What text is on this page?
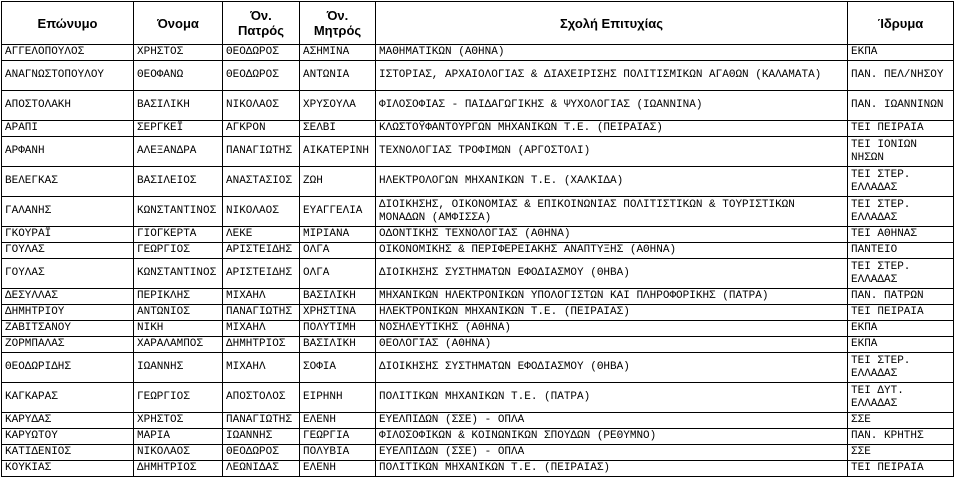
Επώνυμο	Όνομα	Όν. Πατρός	Όν. Μητρός	Σχολή Επιτυχίας	Ίδρυμα
ΑΓΓΕΛΟΠΟΥΛΟΣ	ΧΡΗΣΤΟΣ	ΘΕΟΔΩΡΟΣ	ΑΣΗΜΙΝΑ	ΜΑΘΗΜΑΤΙΚΩΝ (ΑΘΗΝΑ)	ΕΚΠΑ
ΑΝΑΓΝΩΣΤΟΠΟΥΛΟΥ	ΘΕΟΦΑΝΩ	ΘΕΟΔΩΡΟΣ	ΑΝΤΩΝΙΑ	ΙΣΤΟΡΙΑΣ, ΑΡΧΑΙΟΛΟΓΙΑΣ & ΔΙΑΧΕΙΡΙΣΗΣ ΠΟΛΙΤΙΣΜΙΚΩΝ ΑΓΑΘΩΝ (ΚΑΛΑΜΑΤΑ)	ΠΑΝ. ΠΕΛ/ΝΗΣΟΥ
ΑΠΟΣΤΟΛΑΚΗ	ΒΑΣΙΛΙΚΗ	ΝΙΚΟΛΑΟΣ	ΧΡΥΣΟΥΛΑ	ΦΙΛΟΣΟΦΙΑΣ - ΠΑΙΔΑΓΩΓΙΚΗΣ & ΨΥΧΟΛΟΓΙΑΣ (ΙΩΑΝΝΙΝΑ)	ΠΑΝ. ΙΩΑΝΝΙΝΩΝ
ΑΡΑΠΙ	ΣΕΡΓΚΕΪ	ΑΓΚΡΟΝ	ΣΕΛΒΙ	ΚΛΩΣΤΟΫΦΑΝΤΟΥΡΓΩΝ ΜΗΧΑΝΙΚΩΝ Τ.Ε. (ΠΕΙΡΑΙΑΣ)	ΤΕΙ ΠΕΙΡΑΙΑ
ΑΡΦΑΝΗ	ΑΛΕΞΑΝΔΡΑ	ΠΑΝΑΓΙΩΤΗΣ	ΑΙΚΑΤΕΡΙΝΗ	ΤΕΧΝΟΛΟΓΙΑΣ ΤΡΟΦΙΜΩΝ (ΑΡΓΟΣΤΟΛΙ)	ΤΕΙ ΙΟΝΙΩΝ ΝΗΣΩΝ
ΒΕΛΕΓΚΑΣ	ΒΑΣΙΛΕΙΟΣ	ΑΝΑΣΤΑΣΙΟΣ	ΖΩΗ	ΗΛΕΚΤΡΟΛΟΓΩΝ ΜΗΧΑΝΙΚΩΝ Τ.Ε. (ΧΑΛΚΙΔΑ)	ΤΕΙ ΣΤΕΡ. ΕΛΛΑΔΑΣ
ΓΑΛΑΝΗΣ	ΚΩΝΣΤΑΝΤΙΝΟΣ	ΝΙΚΟΛΑΟΣ	ΕΥΑΓΓΕΛΙΑ	ΔΙΟΙΚΗΣΗΣ, ΟΙΚΟΝΟΜΙΑΣ & ΕΠΙΚΟΙΝΩΝΙΑΣ ΠΟΛΙΤΙΣΤΙΚΩΝ & ΤΟΥΡΙΣΤΙΚΩΝ ΜΟΝΑΔΩΝ (ΑΜΦΙΣΣΑ)	ΤΕΙ ΣΤΕΡ. ΕΛΛΑΔΑΣ
ΓΚΟΥΡΑΪ	ΓΙΟΓΚΕΡΤΑ	ΛΕΚΕ	ΜΙΡΙΑΝΑ	ΟΔΟΝΤΙΚΗΣ ΤΕΧΝΟΛΟΓΙΑΣ (ΑΘΗΝΑ)	ΤΕΙ ΑΘΗΝΑΣ
ΓΟΥΛΑΣ	ΓΕΩΡΓΙΟΣ	ΑΡΙΣΤΕΙΔΗΣ	ΟΛΓΑ	ΟΙΚΟΝΟΜΙΚΗΣ & ΠΕΡΙΦΕΡΕΙΑΚΗΣ ΑΝΑΠΤΥΞΗΣ (ΑΘΗΝΑ)	ΠΑΝΤΕΙΟ
ΓΟΥΛΑΣ	ΚΩΝΣΤΑΝΤΙΝΟΣ	ΑΡΙΣΤΕΙΔΗΣ	ΟΛΓΑ	ΔΙΟΙΚΗΣΗΣ ΣΥΣΤΗΜΑΤΩΝ ΕΦΟΔΙΑΣΜΟΥ (ΘΗΒΑ)	ΤΕΙ ΣΤΕΡ. ΕΛΛΑΔΑΣ
ΔΕΣΥΛΛΑΣ	ΠΕΡΙΚΛΗΣ	ΜΙΧΑΗΛ	ΒΑΣΙΛΙΚΗ	ΜΗΧΑΝΙΚΩΝ ΗΛΕΚΤΡΟΝΙΚΩΝ ΥΠΟΛΟΓΙΣΤΩΝ ΚΑΙ ΠΛΗΡΟΦΟΡΙΚΗΣ (ΠΑΤΡΑ)	ΠΑΝ. ΠΑΤΡΩΝ
ΔΗΜΗΤΡΙΟΥ	ΑΝΤΩΝΙΟΣ	ΠΑΝΑΓΙΩΤΗΣ	ΧΡΗΣΤΙΝΑ	ΗΛΕΚΤΡΟΝΙΚΩΝ ΜΗΧΑΝΙΚΩΝ Τ.Ε. (ΠΕΙΡΑΙΑΣ)	ΤΕΙ ΠΕΙΡΑΙΑ
ΖΑΒΙΤΣΑΝΟΥ	ΝΙΚΗ	ΜΙΧΑΗΛ	ΠΟΛΥΤΙΜΗ	ΝΟΣΗΛΕΥΤΙΚΗΣ (ΑΘΗΝΑ)	ΕΚΠΑ
ΖΟΡΜΠΑΛΑΣ	ΧΑΡΑΛΑΜΠΟΣ	ΔΗΜΗΤΡΙΟΣ	ΒΑΣΙΛΙΚΗ	ΘΕΟΛΟΓΙΑΣ (ΑΘΗΝΑ)	ΕΚΠΑ
ΘΕΟΔΩΡΙΔΗΣ	ΙΩΑΝΝΗΣ	ΜΙΧΑΗΛ	ΣΟΦΙΑ	ΔΙΟΙΚΗΣΗΣ ΣΥΣΤΗΜΑΤΩΝ ΕΦΟΔΙΑΣΜΟΥ (ΘΗΒΑ)	ΤΕΙ ΣΤΕΡ. ΕΛΛΑΔΑΣ
ΚΑΓΚΑΡΑΣ	ΓΕΩΡΓΙΟΣ	ΑΠΟΣΤΟΛΟΣ	ΕΙΡΗΝΗ	ΠΟΛΙΤΙΚΩΝ ΜΗΧΑΝΙΚΩΝ Τ.Ε. (ΠΑΤΡΑ)	ΤΕΙ ΔΥΤ. ΕΛΛΑΔΑΣ
ΚΑΡΥΔΑΣ	ΧΡΗΣΤΟΣ	ΠΑΝΑΓΙΩΤΗΣ	ΕΛΕΝΗ	ΕΥΕΛΠΙΔΩΝ (ΣΣΕ) - ΟΠΛΑ	ΣΣΕ
ΚΑΡΥΩΤΟΥ	ΜΑΡΙΑ	ΙΩΑΝΝΗΣ	ΓΕΩΡΓΙΑ	ΦΙΛΟΣΟΦΙΚΩΝ & ΚΟΙΝΩΝΙΚΩΝ ΣΠΟΥΔΩΝ (ΡΕΘΥΜΝΟ)	ΠΑΝ. ΚΡΗΤΗΣ
ΚΑΤΙΔΕΝΙΟΣ	ΝΙΚΟΛΑΟΣ	ΘΕΟΔΩΡΟΣ	ΠΟΛΥΒΙΑ	ΕΥΕΛΠΙΔΩΝ (ΣΣΕ) - ΟΠΛΑ	ΣΣΕ
ΚΟΥΚΙΑΣ	ΔΗΜΗΤΡΙΟΣ	ΛΕΩΝΙΔΑΣ	ΕΛΕΝΗ	ΠΟΛΙΤΙΚΩΝ ΜΗΧΑΝΙΚΩΝ Τ.Ε. (ΠΕΙΡΑΙΑΣ)	ΤΕΙ ΠΕΙΡΑΙΑ
